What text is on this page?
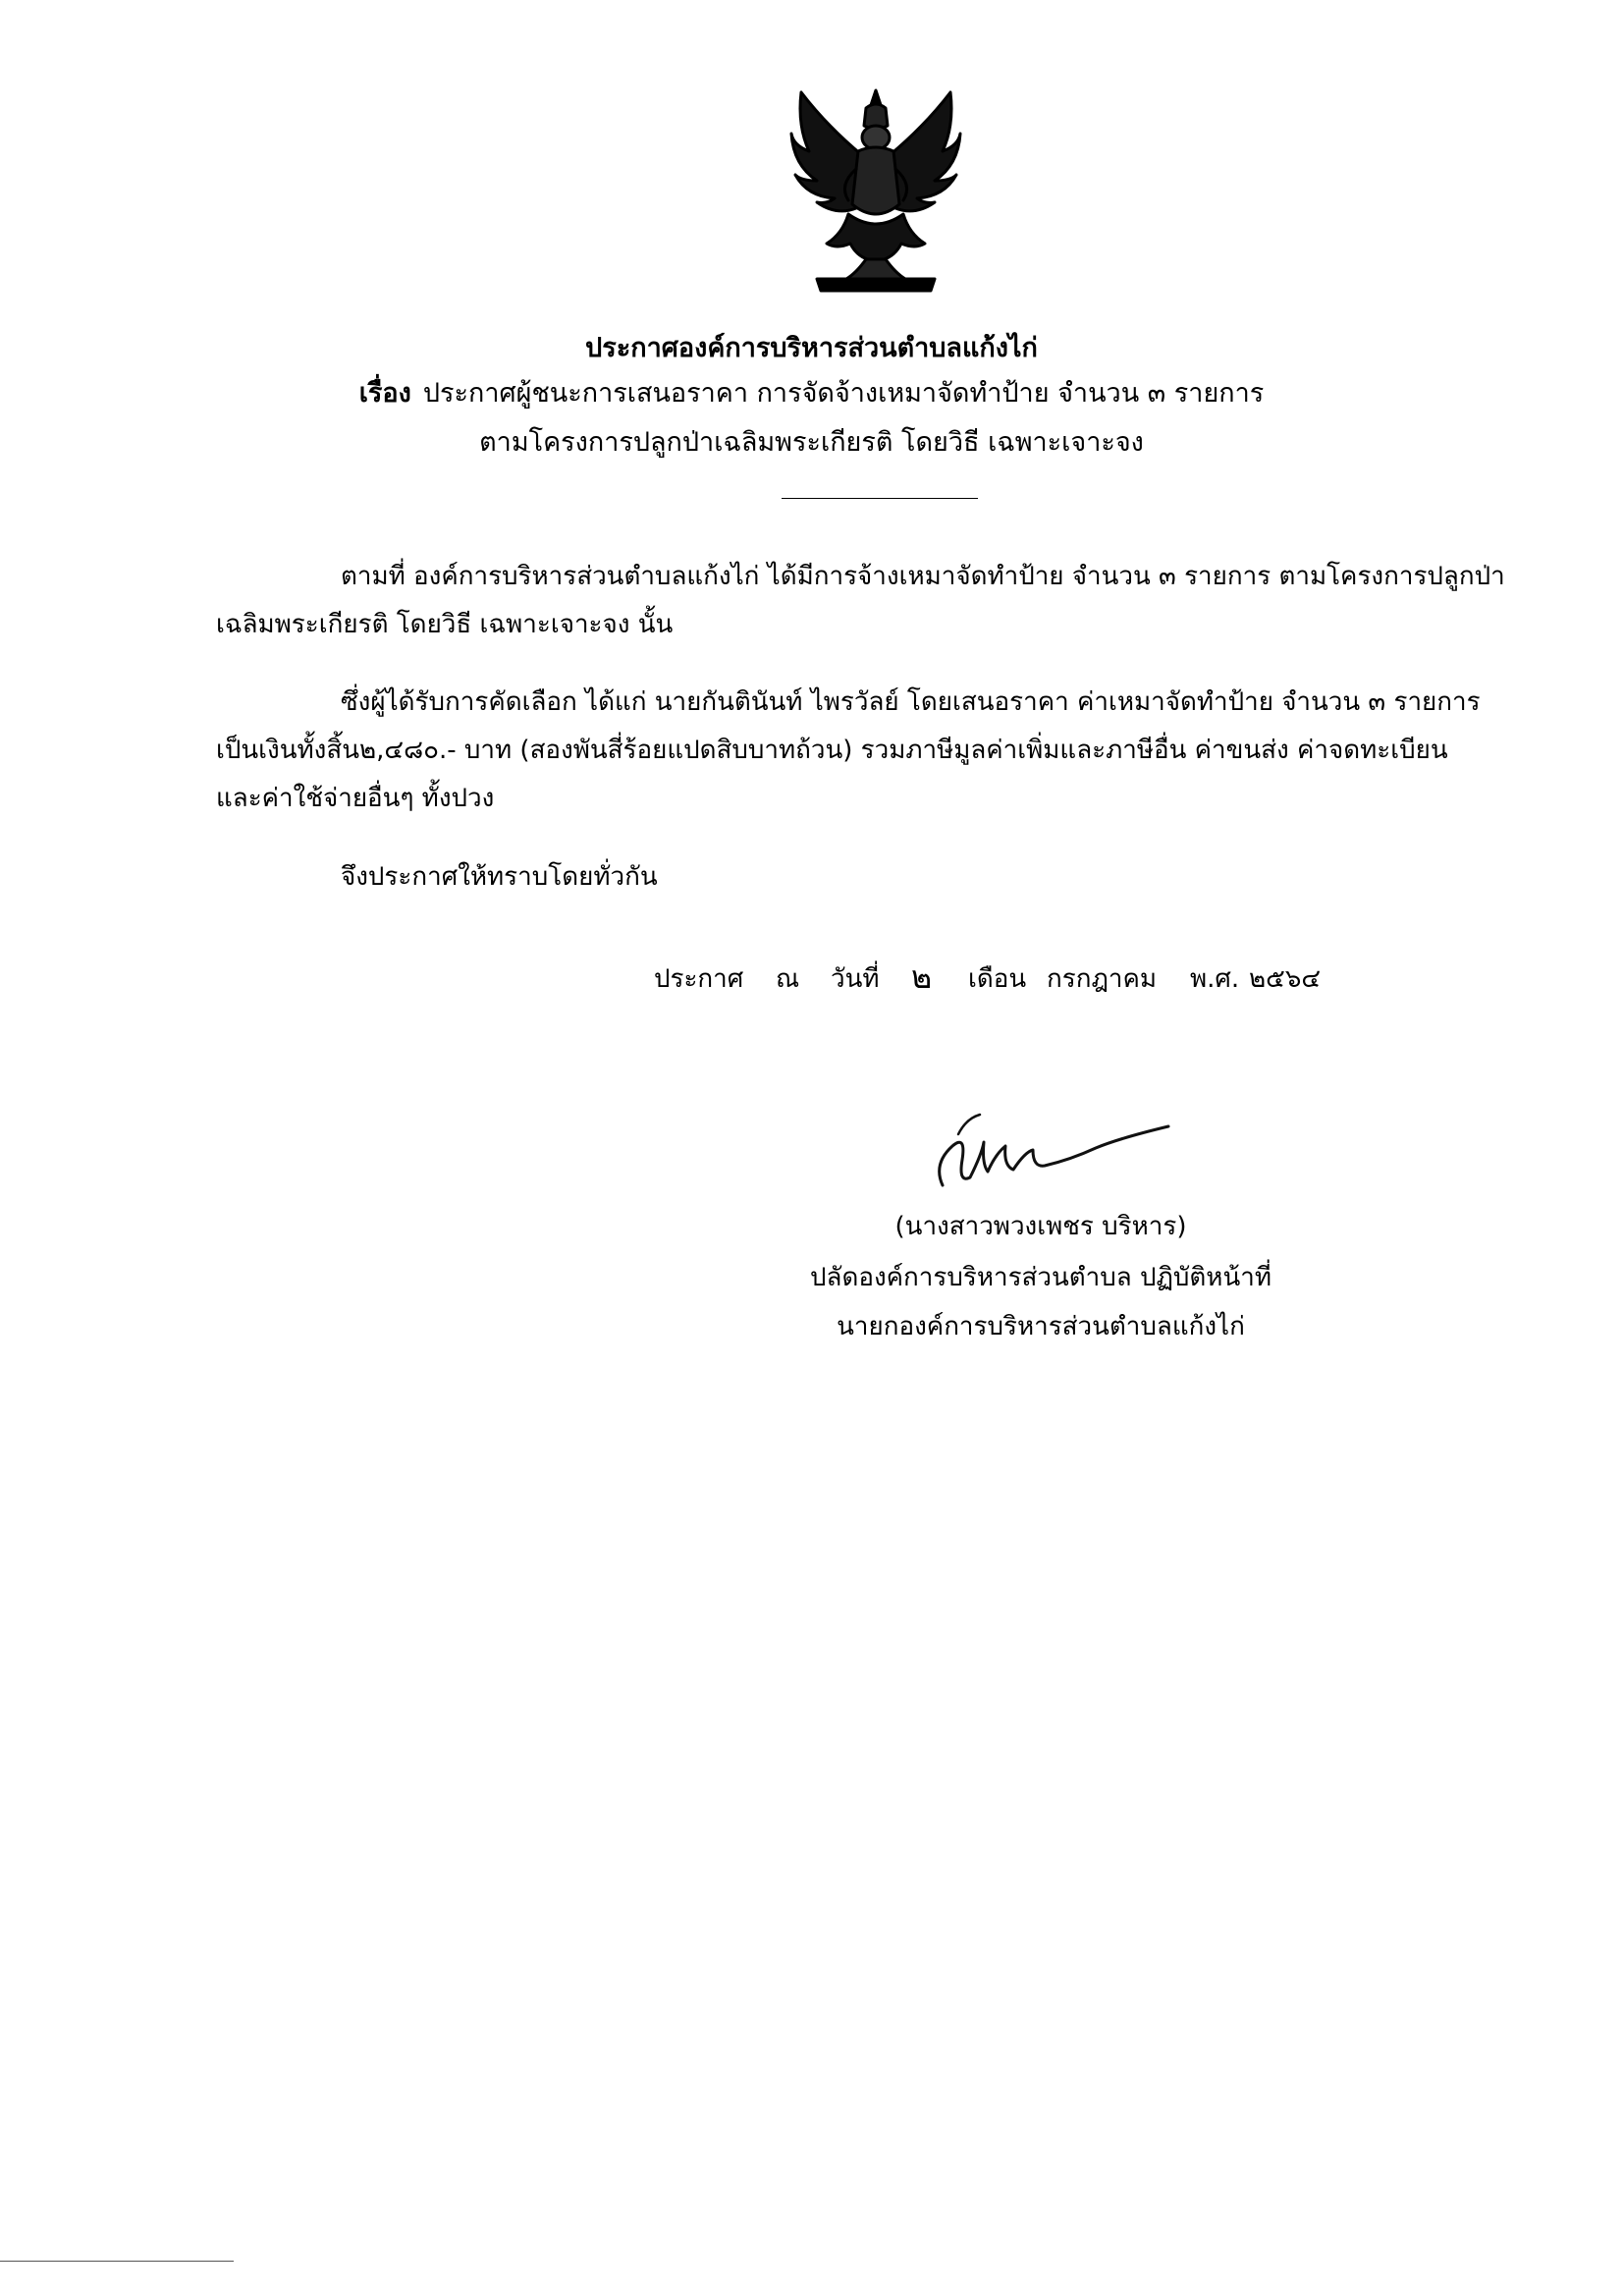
ประกาศองค์การบริหารส่วนตำบลแก้งไก่
เรื่อง ประกาศผู้ชนะการเสนอราคา การจัดจ้างเหมาจัดทำป้าย จำนวน ๓ รายการ
ตามโครงการปลูกป่าเฉลิมพระเกียรติ โดยวิธี เฉพาะเจาะจง
ตามที่ องค์การบริหารส่วนตำบลแก้งไก่ ได้มีการจ้างเหมาจัดทำป้าย จำนวน ๓ รายการ ตามโครงการปลูกป่า
เฉลิมพระเกียรติ โดยวิธี เฉพาะเจาะจง นั้น
ซึ่งผู้ได้รับการคัดเลือก ได้แก่ นายกันตินันท์ ไพรวัลย์ โดยเสนอราคา ค่าเหมาจัดทำป้าย จำนวน ๓ รายการ
เป็นเงินทั้งสิ้น๒,๔๘๐.- บาท (สองพันสี่ร้อยแปดสิบบาทถ้วน) รวมภาษีมูลค่าเพิ่มและภาษีอื่น ค่าขนส่ง ค่าจดทะเบียน
และค่าใช้จ่ายอื่นๆ ทั้งปวง
จึงประกาศให้ทราบโดยทั่วกัน
ประกาศ ณ วันที่ ๒ เดือน กรกฎาคม พ.ศ. ๒๕๖๔
(นางสาวพวงเพชร บริหาร)
ปลัดองค์การบริหารส่วนตำบล ปฏิบัติหน้าที่
นายกองค์การบริหารส่วนตำบลแก้งไก่
